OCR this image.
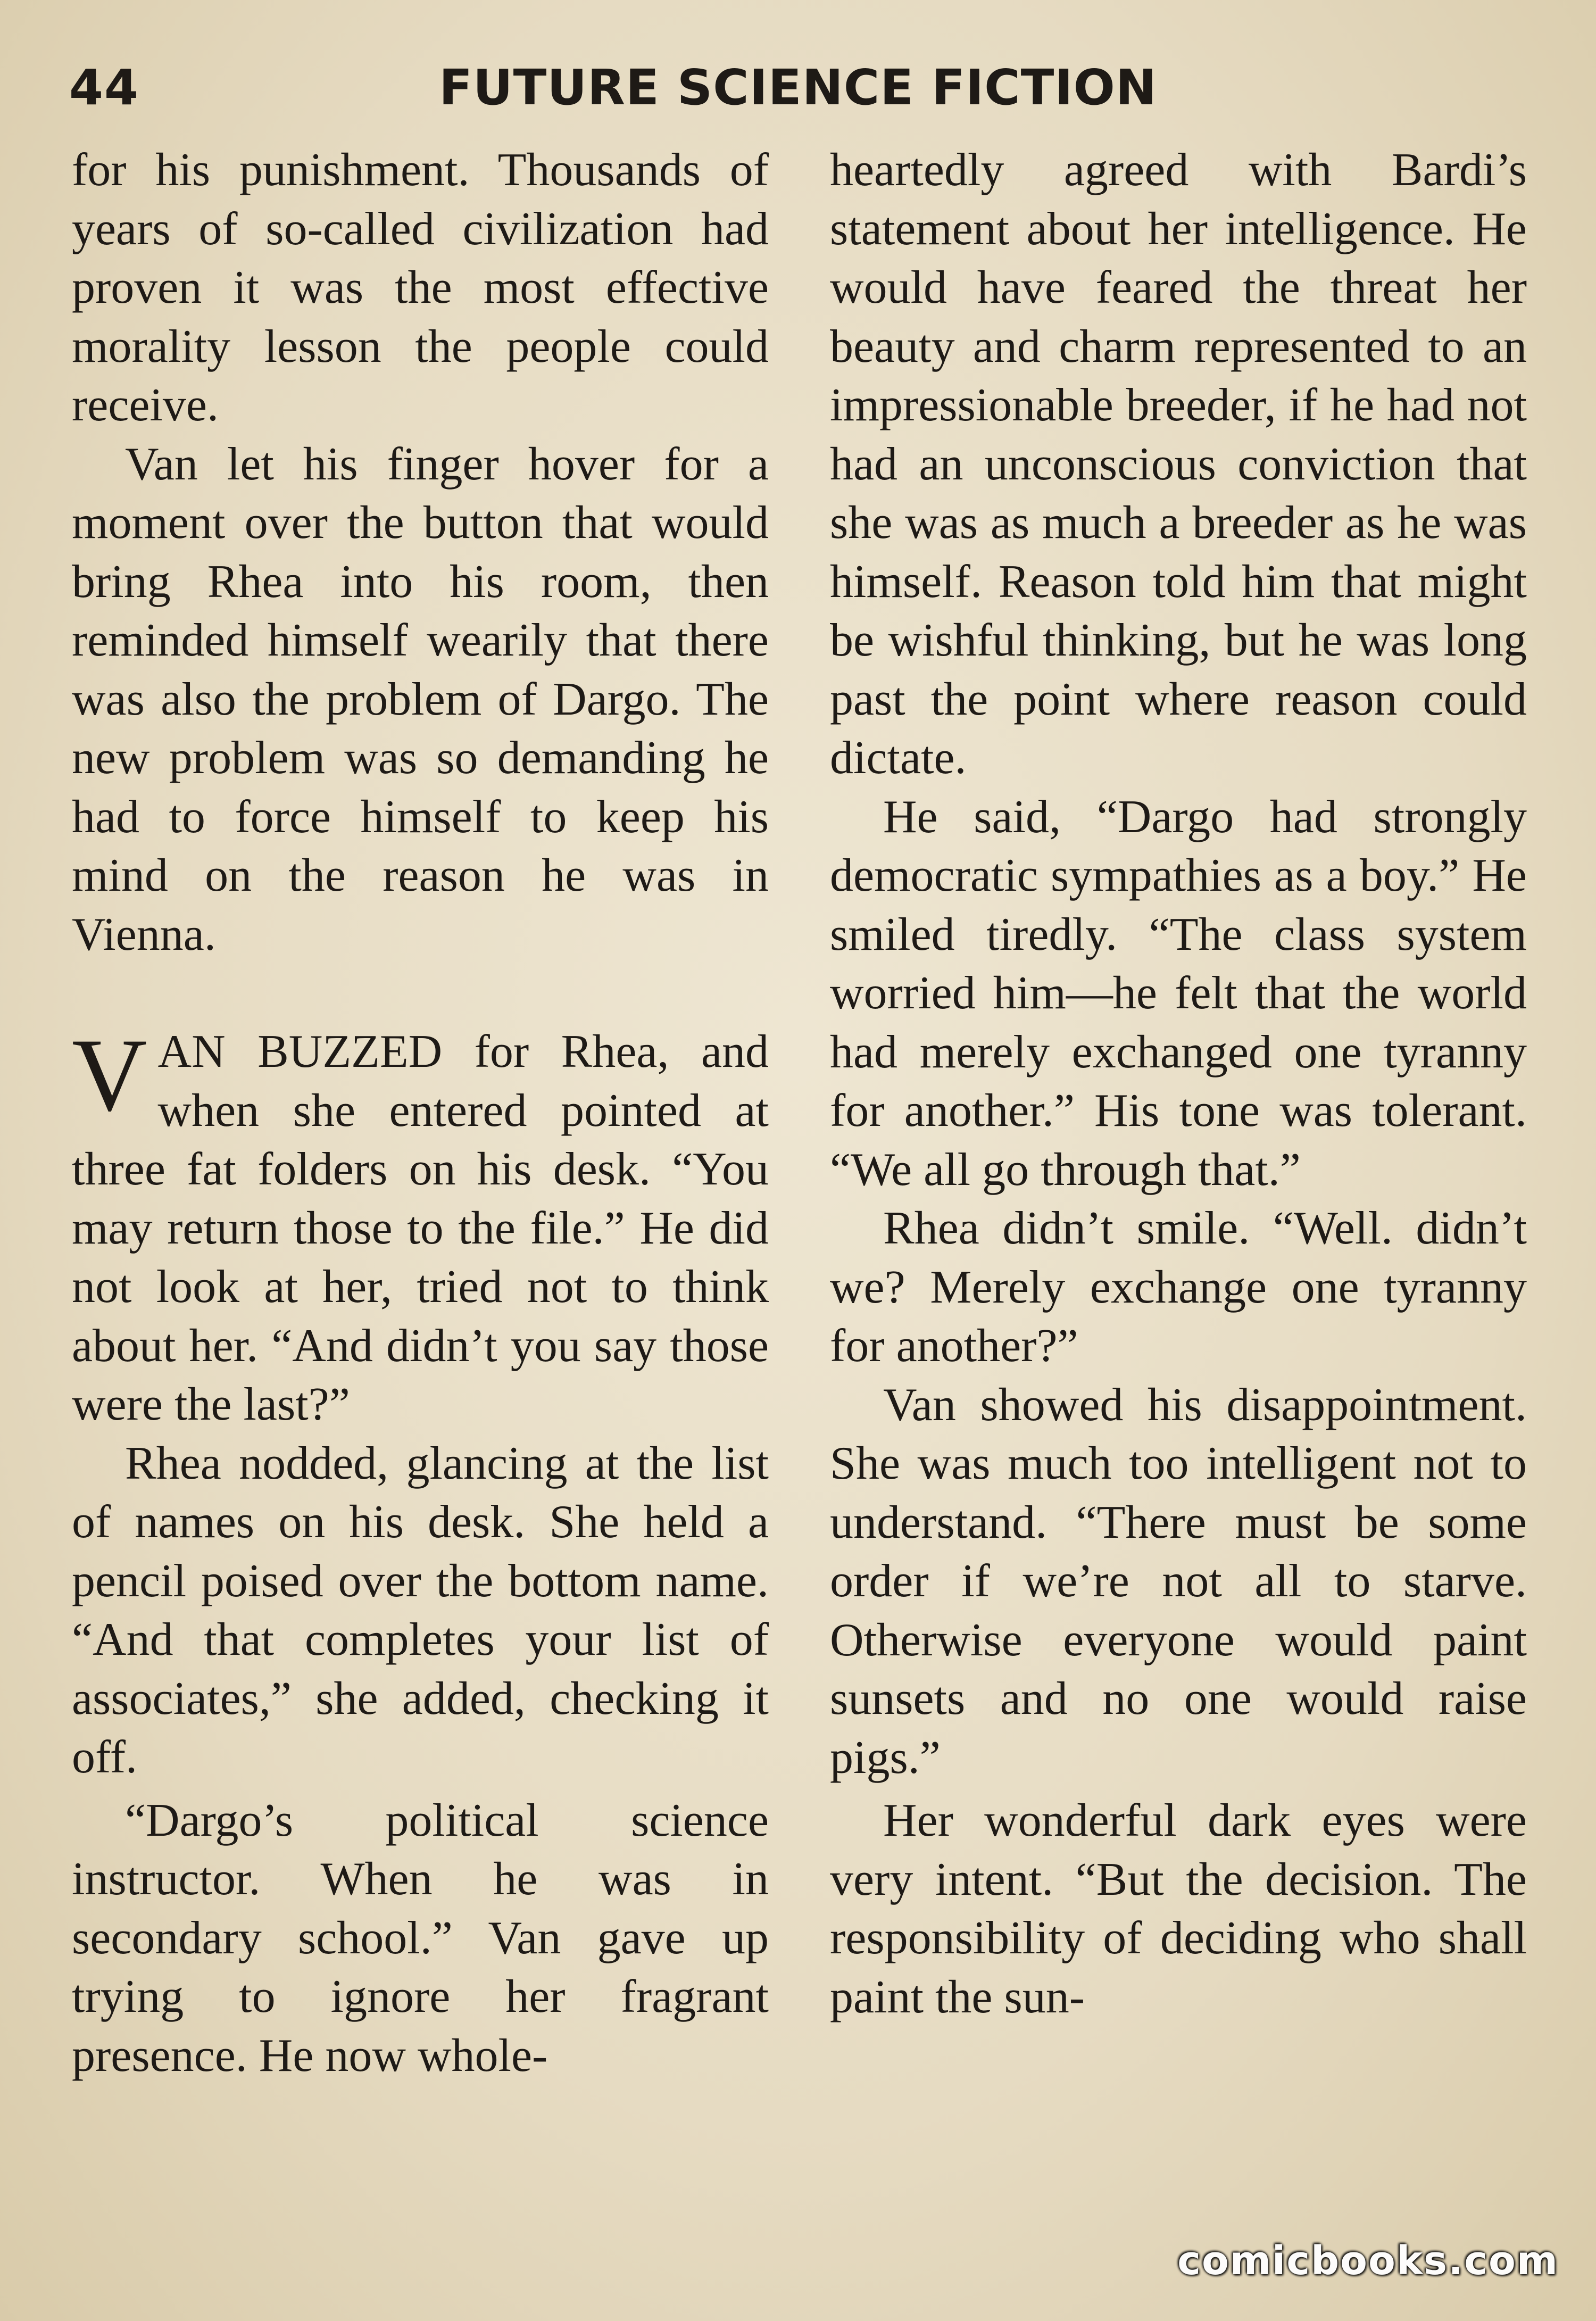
44	FUTURE SCIENCE FICTION

for his punishment. Thousands of years of so-called civilization had proven it was the most effective morality lesson the people could receive.

Van let his finger hover for a moment over the button that would bring Rhea into his room, then reminded himself wearily that there was also the problem of Dargo. The new problem was so demanding he had to force himself to keep his mind on the reason he was in Vienna.

VAN BUZZED for Rhea, and when she entered pointed at three fat folders on his desk. “You may return those to the file.” He did not look at her, tried not to think about her. “And didn’t you say those were the last?”

Rhea nodded, glancing at the list of names on his desk. She held a pencil poised over the bottom name. “And that completes your list of associates,” she added, checking it off.

“Dargo’s political science instructor. When he was in secondary school.” Van gave up trying to ignore her fragrant presence. He now whole-

heartedly agreed with Bardi’s statement about her intelligence. He would have feared the threat her beauty and charm represented to an impressionable breeder, if he had not had an unconscious conviction that she was as much a breeder as he was himself. Reason told him that might be wishful thinking, but he was long past the point where reason could dictate.

He said, “Dargo had strongly democratic sympathies as a boy.” He smiled tiredly. “The class system worried him—he felt that the world had merely exchanged one tyranny for another.” His tone was tolerant. “We all go through that.”

Rhea didn’t smile. “Well. didn’t we? Merely exchange one tyranny for another?”

Van showed his disappointment. She was much too intelligent not to understand. “There must be some order if we’re not all to starve. Otherwise everyone would paint sunsets and no one would raise pigs.”

Her wonderful dark eyes were very intent. “But the decision. The responsibility of deciding who shall paint the sun-

comicbooks.com
